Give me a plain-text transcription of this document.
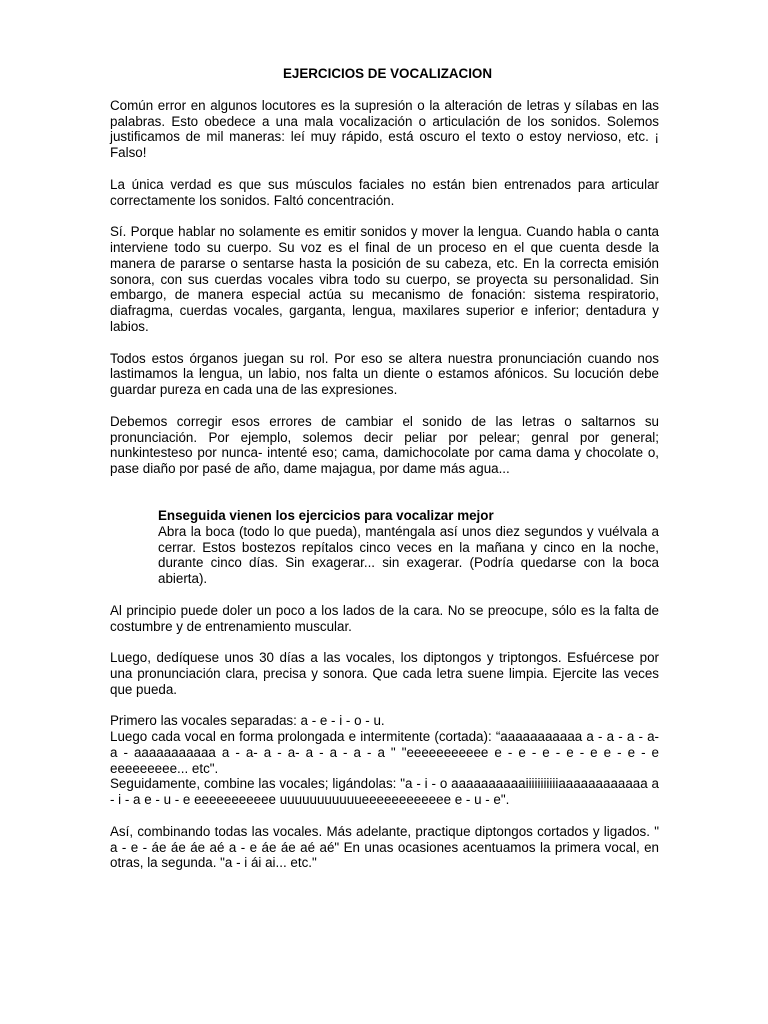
EJERCICIOS DE VOCALIZACION

Común error en algunos locutores es la supresión o la alteración de letras y sílabas en las palabras. Esto obedece a una mala vocalización o articulación de los sonidos. Solemos justificamos de mil maneras: leí muy rápido, está oscuro el texto o estoy nervioso, etc. ¡ Falso!

La única verdad es que sus músculos faciales no están bien entrenados para articular correctamente los sonidos. Faltó concentración.

Sí. Porque hablar no solamente es emitir sonidos y mover la lengua. Cuando habla o canta interviene todo su cuerpo. Su voz es el final de un proceso en el que cuenta desde la manera de pararse o sentarse hasta la posición de su cabeza, etc. En la correcta emisión sonora, con sus cuerdas vocales vibra todo su cuerpo, se proyecta su personalidad. Sin embargo, de manera especial actúa su mecanismo de fonación: sistema respiratorio, diafragma, cuerdas vocales, garganta, lengua, maxilares superior e inferior; dentadura y labios.

Todos estos órganos juegan su rol. Por eso se altera nuestra pronunciación cuando nos lastimamos la lengua, un labio, nos falta un diente o estamos afónicos. Su locución debe guardar pureza en cada una de las expresiones.

Debemos corregir esos errores de cambiar el sonido de las letras o saltarnos su pronunciación. Por ejemplo, solemos decir peliar por pelear; genral por general; nunkintesteso por nunca- intenté eso; cama, damichocolate por cama dama y chocolate o, pase diaño por pasé de año, dame majagua, por dame más agua...

Enseguida vienen los ejercicios para vocalizar mejor

Abra la boca (todo lo que pueda), manténgala así unos diez segundos y vuélvala a cerrar. Estos bostezos repítalos cinco veces en la mañana y cinco en la noche, durante cinco días. Sin exagerar... sin exagerar. (Podría quedarse con la boca abierta).

Al principio puede doler un poco a los lados de la cara. No se preocupe, sólo es la falta de costumbre y de entrenamiento muscular.

Luego, dedíquese unos 30 días a las vocales, los diptongos y triptongos. Esfuércese por una pronunciación clara, precisa y sonora. Que cada letra suene limpia. Ejercite las veces que pueda.

Primero las vocales separadas: a - e - i - o - u.

Luego cada vocal en forma prolongada e intermitente (cortada): “aaaaaaaaaaa a - a - a - a- a - aaaaaaaaaaa a - a- a - a- a - a - a - a " "eeeeeeeeeee e - e - e - e - e e - e - e eeeeeeeee... etc".

Seguidamente, combine las vocales; ligándolas: "a - i - o aaaaaaaaaaiiiiiiiiiiiaaaaaaaaaaaa a - i - a e - u - e eeeeeeeeeee uuuuuuuuuuueeeeeeeeeeee e - u - e".

Así, combinando todas las vocales. Más adelante, practique diptongos cortados y ligados. " a - e - áe áe áe aé a - e áe áe aé aé" En unas ocasiones acentuamos la primera vocal, en otras, la segunda. "a - i ái ai... etc."
